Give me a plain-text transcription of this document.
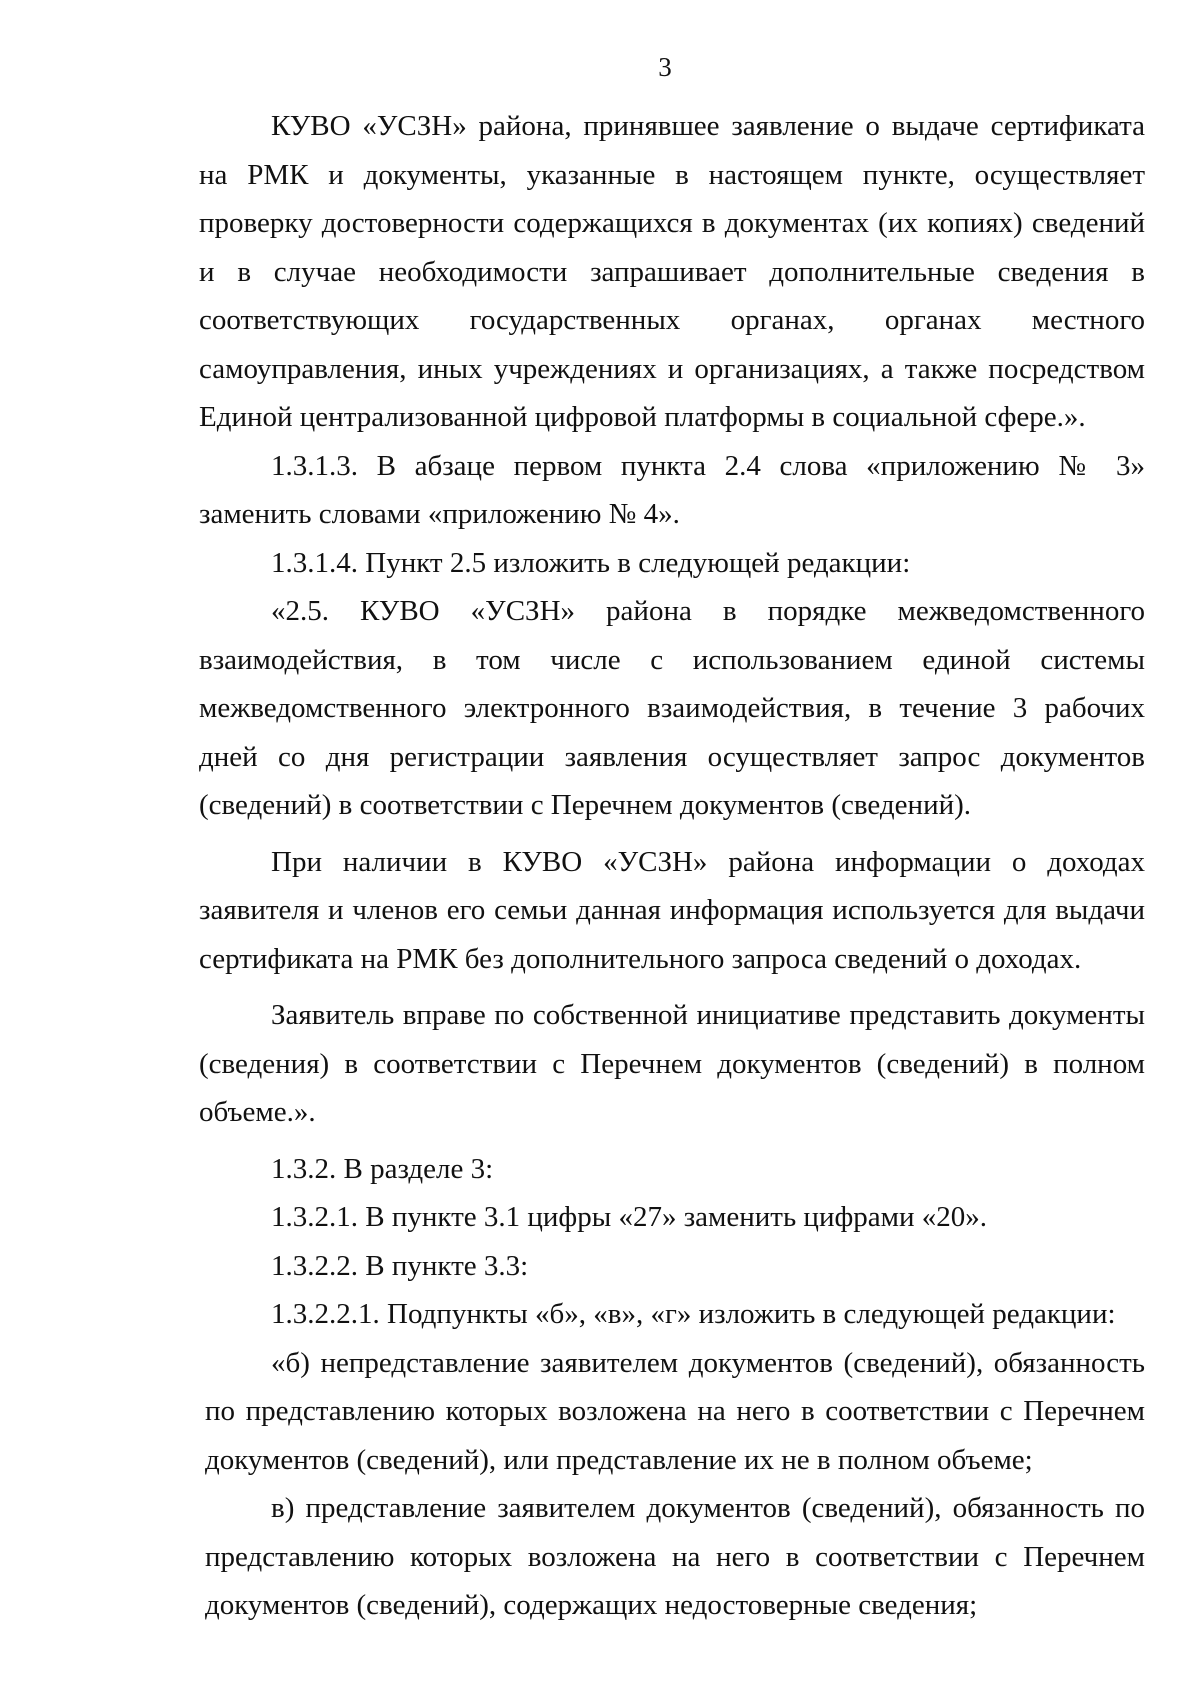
3

КУВО «УСЗН» района, принявшее заявление о выдаче сертификата на РМК и документы, указанные в настоящем пункте, осуществляет проверку достоверности содержащихся в документах (их копиях) сведений и в случае необходимости запрашивает дополнительные сведения в соответствующих государственных органах, органах местного самоуправления, иных учреждениях и организациях, а также посредством Единой централизованной цифровой платформы в социальной сфере.».

1.3.1.3. В абзаце первом пункта 2.4 слова «приложению № 3» заменить словами «приложению № 4».

1.3.1.4. Пункт 2.5 изложить в следующей редакции:

«2.5. КУВО «УСЗН» района в порядке межведомственного взаимодействия, в том числе с использованием единой системы межведомственного электронного взаимодействия, в течение 3 рабочих дней со дня регистрации заявления осуществляет запрос документов (сведений) в соответствии с Перечнем документов (сведений).

При наличии в КУВО «УСЗН» района информации о доходах заявителя и членов его семьи данная информация используется для выдачи сертификата на РМК без дополнительного запроса сведений о доходах.

Заявитель вправе по собственной инициативе представить документы (сведения) в соответствии с Перечнем документов (сведений) в полном объеме.».

1.3.2. В разделе 3:

1.3.2.1. В пункте 3.1 цифры «27» заменить цифрами «20».

1.3.2.2. В пункте 3.3:

1.3.2.2.1. Подпункты «б», «в», «г» изложить в следующей редакции:

«б) непредставление заявителем документов (сведений), обязанность по представлению которых возложена на него в соответствии с Перечнем документов (сведений), или представление их не в полном объеме;

в) представление заявителем документов (сведений), обязанность по представлению которых возложена на него в соответствии с Перечнем документов (сведений), содержащих недостоверные сведения;
